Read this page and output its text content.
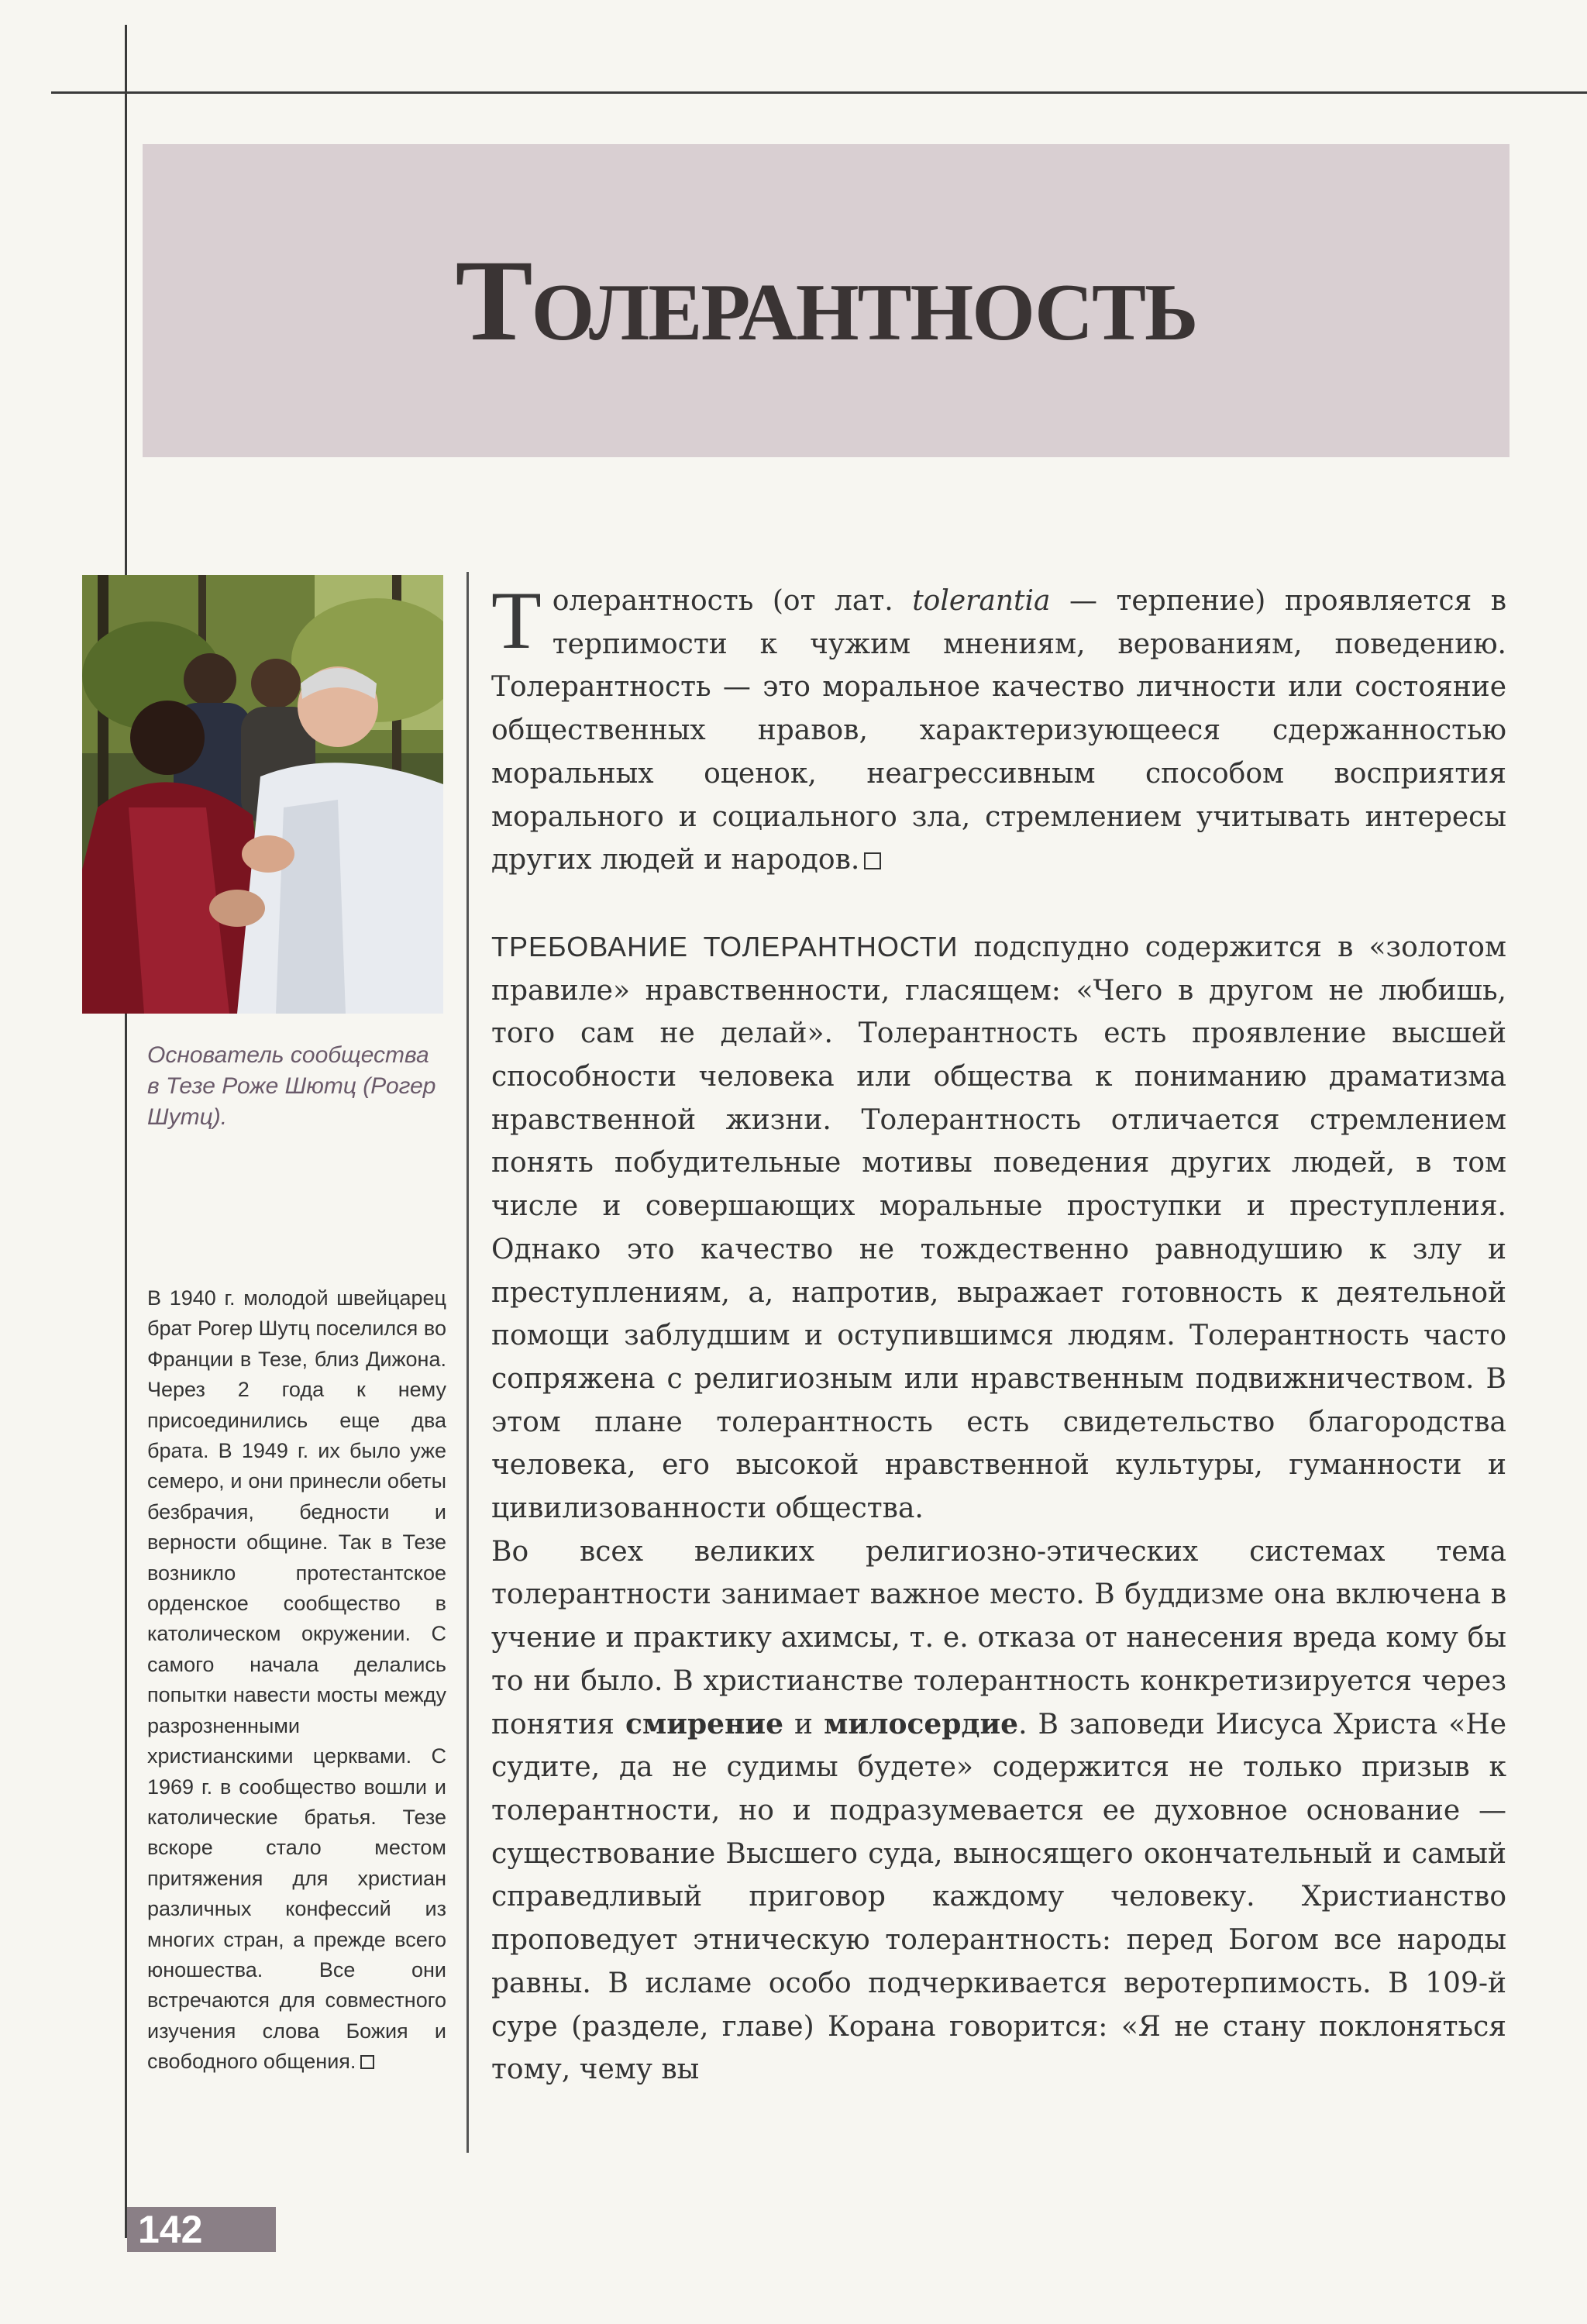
Толерантность
Основатель сообщества в Тезе Роже Шютц (Рогер Шутц).
В 1940 г. молодой швейцарец брат Рогер Шутц поселился во Франции в Тезе, близ Дижона. Через 2 года к нему присоединились еще два брата. В 1949 г. их было уже семеро, и они принесли обеты безбрачия, бедности и верности общине. Так в Тезе возникло протестантское орденское сообщество в католическом окружении. С самого начала делались попытки навести мосты между разрозненными христианскими церквами. С 1969 г. в сообщество вошли и католические братья. Тезе вскоре стало местом притяжения для христиан различных конфессий из многих стран, а прежде всего юношества. Все они встречаются для совместного изучения слова Божия и свободного общения.

Толерантность (от лат. tolerantia — терпение) проявляется в терпимости к чужим мнениям, верованиям, поведению. Толерантность — это моральное качество личности или состояние общественных нравов, характеризующееся сдержанностью моральных оценок, неагрессивным способом восприятия морального и социального зла, стремлением учитывать интересы других людей и народов.

ТРЕБОВАНИЕ ТОЛЕРАНТНОСТИ подспудно содержится в «золотом правиле» нравственности, гласящем: «Чего в другом не любишь, того сам не делай». Толерантность есть проявление высшей способности человека или общества к пониманию драматизма нравственной жизни. Толерантность отличается стремлением понять побудительные мотивы поведения других людей, в том числе и совершающих моральные проступки и преступления. Однако это качество не тождественно равнодушию к злу и преступлениям, а, напротив, выражает готовность к деятельной помощи заблудшим и оступившимся людям. Толерантность часто сопряжена с религиозным или нравственным подвижничеством. В этом плане толерантность есть свидетельство благородства человека, его высокой нравственной культуры, гуманности и цивилизованности общества.

Во всех великих религиозно-этических системах тема толерантности занимает важное место. В буддизме она включена в учение и практику ахимсы, т. е. отказа от нанесения вреда кому бы то ни было. В христианстве толерантность конкретизируется через понятия смирение и милосердие. В заповеди Иисуса Христа «Не судите, да не судимы будете» содержится не только призыв к толерантности, но и подразумевается ее духовное основание — существование Высшего суда, выносящего окончательный и самый справедливый приговор каждому человеку. Христианство проповедует этническую толерантность: перед Богом все народы равны. В исламе особо подчеркивается веротерпимость. В 109-й суре (разделе, главе) Корана говорится: «Я не стану поклоняться тому, чему вы

142
